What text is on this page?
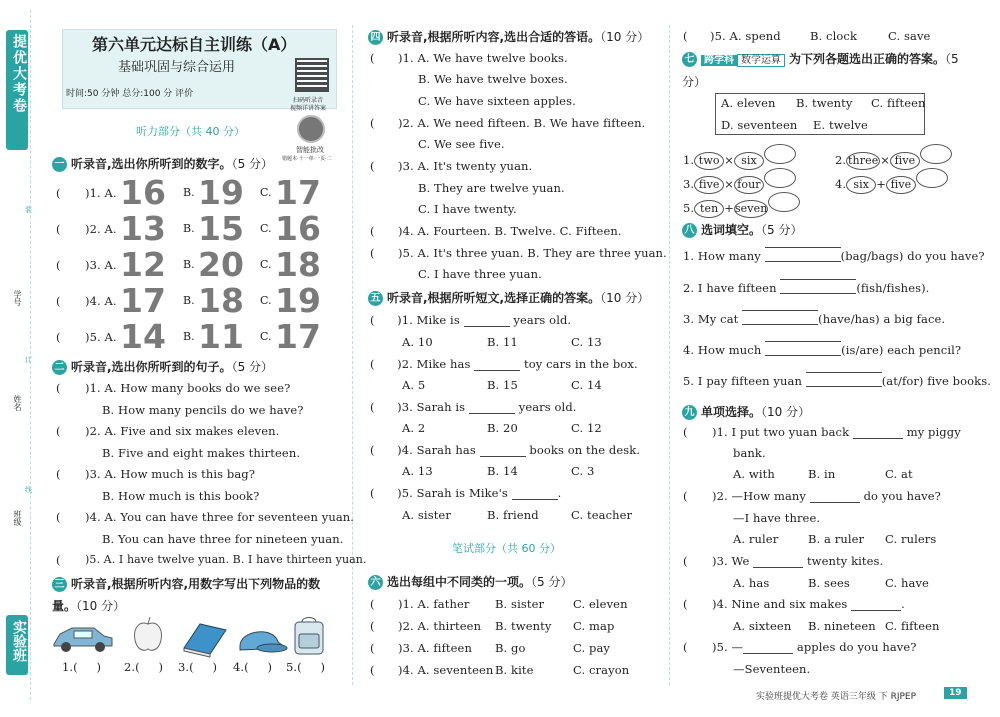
提优大考卷
班级
姓名
学号
装
订
线
实验班
第六单元达标自主训练（A）
基础巩固与综合运用
时间:50 分钟 总分:100 分 评价
扫码听录音
视频详讲答案
智能批改
错题本·十一单·一页·二
听力部分（共 40 分）
一 听录音,选出你所听到的数字。（5 分）
( )1. A. 16 B. 19 C. 17
( )2. A. 13 B. 15 C. 16
( )3. A. 12 B. 20 C. 18
( )4. A. 17 B. 18 C. 19
( )5. A. 14 B. 11 C. 17
二 听录音,选出你所听到的句子。（5 分）
( )1. A. How many books do we see?
B. How many pencils do we have?
( )2. A. Five and six makes eleven.
B. Five and eight makes thirteen.
( )3. A. How much is this bag?
B. How much is this book?
( )4. A. You can have three for seventeen yuan.
B. You can have three for nineteen yuan.
( )5. A. I have twelve yuan. B. I have thirteen yuan.
三 听录音,根据所听内容,用数字写出下列物品的数
量。（10 分）
1.( ) 2.( ) 3.( ) 4.( ) 5.( )
四 听录音,根据所听内容,选出合适的答语。（10 分）
( )1. A. We have twelve books.
B. We have twelve boxes.
C. We have sixteen apples.
( )2. A. We need fifteen. B. We have fifteen.
C. We see five.
( )3. A. It's twenty yuan.
B. They are twelve yuan.
C. I have twenty.
( )4. A. Fourteen. B. Twelve. C. Fifteen.
( )5. A. It's three yuan. B. They are three yuan.
C. I have three yuan.
五 听录音,根据所听短文,选择正确的答案。（10 分）
( )1. Mike is	years old.
A. 10	B. 11	C. 13
( )2. Mike has	toy cars in the box.
A. 5	B. 15	C. 14
( )3. Sarah is	years old.
A. 2	B. 20	C. 12
( )4. Sarah has	books on the desk.
A. 13	B. 14	C. 3
( )5. Sarah is Mike's	.
A. sister	B. friend	C. teacher
笔试部分（共 60 分）
六 选出每组中不同类的一项。（5 分）
( )1. A. father B. sister	C. eleven
( )2. A. thirteen B. twenty C. map
( )3. A. fifteen B. go	C. pay
( )4. A. seventeen B. kite	C. crayon
( )5. A. spend	B. clock	C. save
七 跨学科 数学运算 为下列各题选出正确的答案。（5
分）
A. eleven B. twenty C. fifteen
D. seventeen E. twelve
1. two × six	2. three × five
3. five × four	4. six + five
5. ten +seven
八 选词填空。（5 分）
1. How many	(bag/bags) do you have?
2. I have fifteen	(fish/fishes).
3. My cat	(have/has) a big face.
4. How much	(is/are) each pencil?
5. I pay fifteen yuan	(at/for) five books.
九 单项选择。（10 分）
( )1. I put two yuan back	my piggy
bank.
A. with	B. in	C. at
( )2. —How many	do you have?
—I have three.
A. ruler	B. a ruler C. rulers
( )3. We	twenty kites.
A. has	B. sees	C. have
( )4. Nine and six makes	.
A. sixteen B. nineteen C. fifteen
( )5. —	apples do you have?
—Seventeen.
实验班提优大考卷 英语三年级 下 RJPEP	19
